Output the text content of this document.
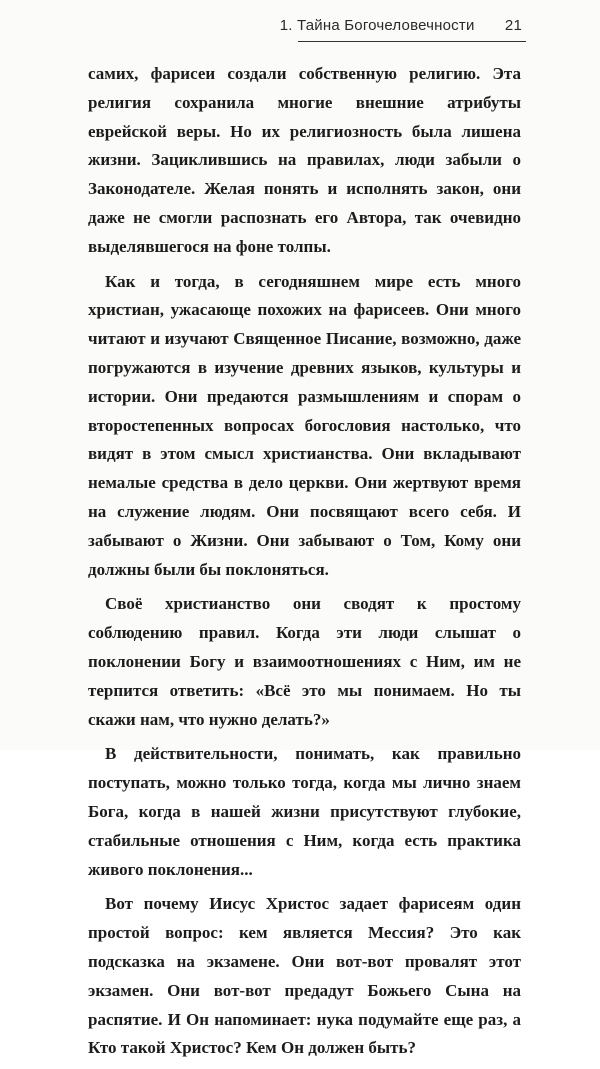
1. Тайна Богочеловечности 21

самих, фарисеи создали собственную религию. Эта религия сохранила многие внешние атрибуты еврейской веры. Но их религиозность была лишена жизни. Зациклившись на правилах, люди забыли о Законодателе. Желая понять и исполнять закон, они даже не смогли распознать его Автора, так очевидно выделявшегося на фоне толпы.

Как и тогда, в сегодняшнем мире есть много христиан, ужасающе похожих на фарисеев. Они много читают и изучают Священное Писание, возможно, даже погружаются в изучение древних языков, культуры и истории. Они предаются размышлениям и спорам о второстепенных вопросах богословия настолько, что видят в этом смысл христианства. Они вкладывают немалые средства в дело церкви. Они жертвуют время на служение людям. Они посвящают всего себя. И забывают о Жизни. Они забывают о Том, Кому они должны были бы поклоняться.

Своё христианство они сводят к простому соблюдению правил. Когда эти люди слышат о поклонении Богу и взаимоотношениях с Ним, им не терпится ответить: «Всё это мы понимаем. Но ты скажи нам, что нужно делать?»

В действительности, понимать, как правильно поступать, можно только тогда, когда мы лично знаем Бога, когда в нашей жизни присутствуют глубокие, стабильные отношения с Ним, когда есть практика живого поклонения...

Вот почему Иисус Христос задает фарисеям один простой вопрос: кем является Мессия? Это как подсказка на экзамене. Они вот-вот провалят этот экзамен. Они вот-вот предадут Божьего Сына на распятие. И Он напоминает: нука подумайте еще раз, а Кто такой Христос? Кем Он должен быть?
